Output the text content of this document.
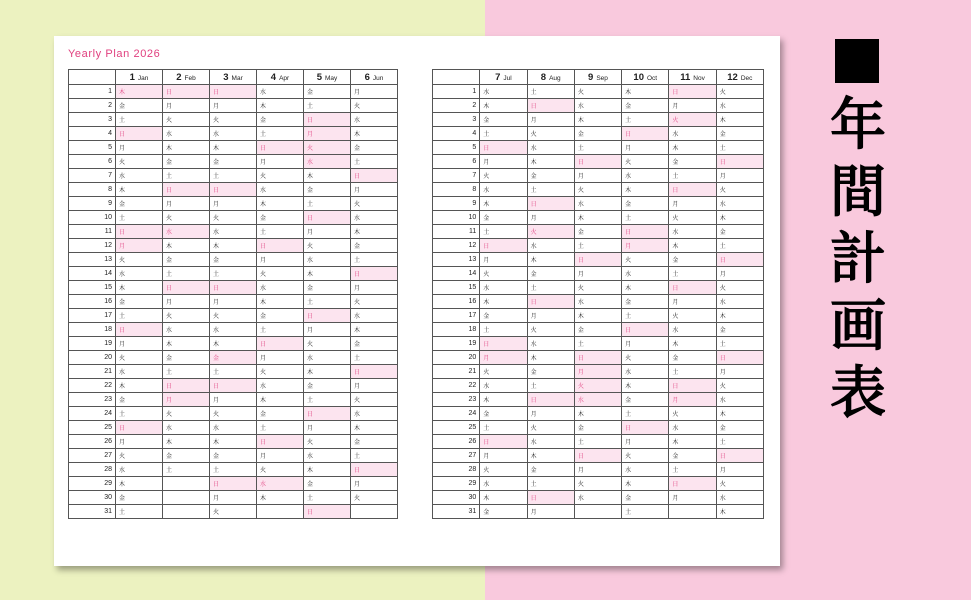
Yearly Plan 2026
	1 Jan	2 Feb	3 Mar	4 Apr	5 May	6 Jun
1	木	日	日	水	金	月
2	金	月	月	木	土	火
3	土	火	火	金	日	水
4	日	水	水	土	月	木
5	月	木	木	日	火	金
6	火	金	金	月	水	土
7	水	土	土	火	木	日
8	木	日	日	水	金	月
9	金	月	月	木	土	火
10	土	火	火	金	日	水
11	日	水	水	土	月	木
12	月	木	木	日	火	金
13	火	金	金	月	水	土
14	水	土	土	火	木	日
15	木	日	日	水	金	月
16	金	月	月	木	土	火
17	土	火	火	金	日	水
18	日	水	水	土	月	木
19	月	木	木	日	火	金
20	火	金	金	月	水	土
21	水	土	土	火	木	日
22	木	日	日	水	金	月
23	金	月	月	木	土	火
24	土	火	火	金	日	水
25	日	水	水	土	月	木
26	月	木	木	日	火	金
27	火	金	金	月	水	土
28	水	土	土	火	木	日
29	木		日	水	金	月
30	金		月	木	土	火
31	土		火		日	
	7 Jul	8 Aug	9 Sep	10 Oct	11 Nov	12 Dec
1	水	土	火	木	日	火
2	木	日	水	金	月	水
3	金	月	木	土	火	木
4	土	火	金	日	水	金
5	日	水	土	月	木	土
6	月	木	日	火	金	日
7	火	金	月	水	土	月
8	水	土	火	木	日	火
9	木	日	水	金	月	水
10	金	月	木	土	火	木
11	土	火	金	日	水	金
12	日	水	土	月	木	土
13	月	木	日	火	金	日
14	火	金	月	水	土	月
15	水	土	火	木	日	火
16	木	日	水	金	月	水
17	金	月	木	土	火	木
18	土	火	金	日	水	金
19	日	水	土	月	木	土
20	月	木	日	火	金	日
21	火	金	月	水	土	月
22	水	土	火	木	日	火
23	木	日	水	金	月	水
24	金	月	木	土	火	木
25	土	火	金	日	水	金
26	日	水	土	月	木	土
27	月	木	日	火	金	日
28	火	金	月	水	土	月
29	水	土	火	木	日	火
30	木	日	水	金	月	水
31	金	月		土		木
年
間
計
画
表
